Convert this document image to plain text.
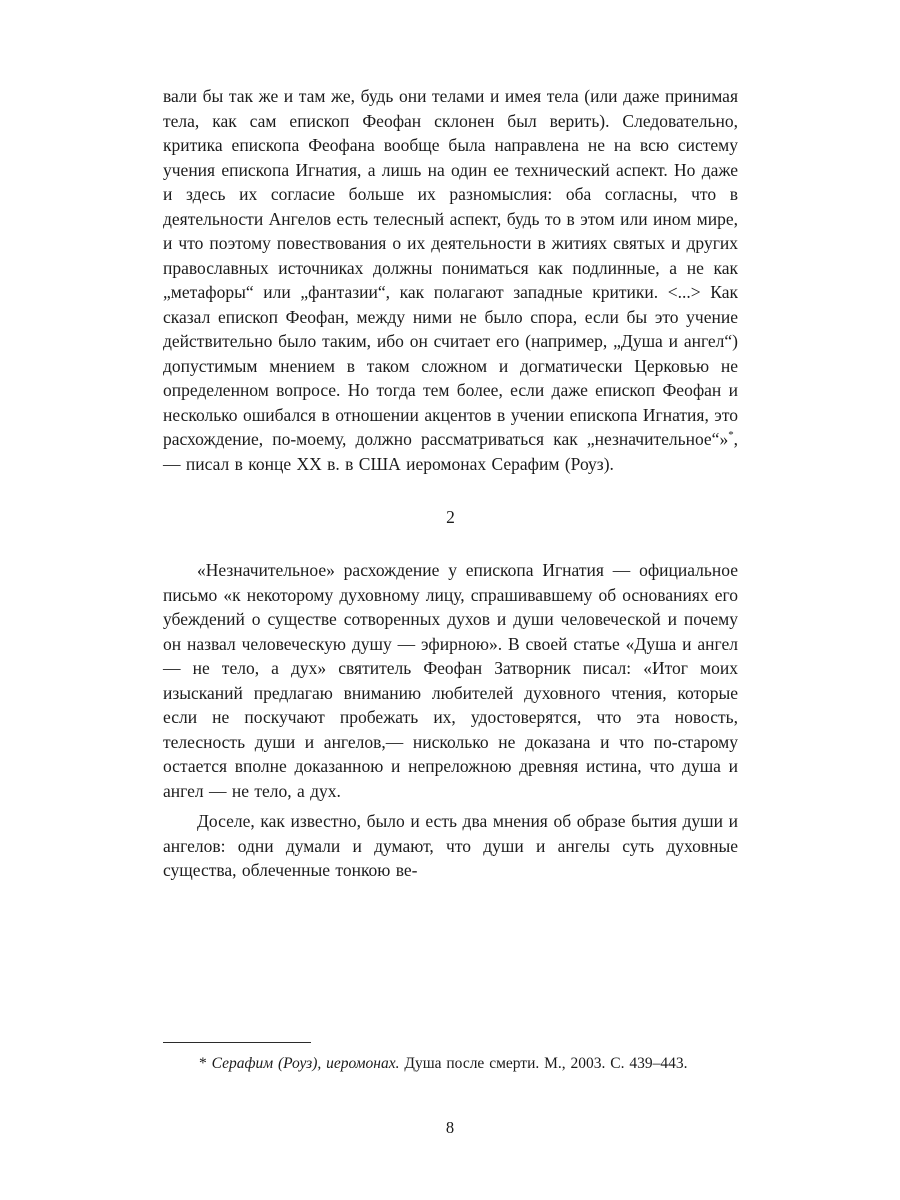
вали бы так же и там же, будь они телами и имея тела (или даже принимая тела, как сам епископ Феофан склонен был верить). Следовательно, критика епископа Феофана вообще была направлена не на всю систему учения епископа Игнатия, а лишь на один ее технический аспект. Но даже и здесь их согласие больше их разномыслия: оба согласны, что в деятельности Ангелов есть телесный аспект, будь то в этом или ином мире, и что поэтому повествования о их деятельности в житиях святых и других православных источниках должны пониматься как подлинные, а не как „метафоры“ или „фантазии“, как полагают западные критики. <...> Как сказал епископ Феофан, между ними не было спора, если бы это учение действительно было таким, ибо он считает его (например, „Душа и ангел“) допустимым мнением в таком сложном и догматически Церковью не определенном вопросе. Но тогда тем более, если даже епископ Феофан и несколько ошибался в отношении акцентов в учении епископа Игнатия, это расхождение, по-моему, должно рассматриваться как „незначительное“»*, — писал в конце XX в. в США иеромонах Серафим (Роуз).

2

«Незначительное» расхождение у епископа Игнатия — официальное письмо «к некоторому духовному лицу, спрашивавшему об основаниях его убеждений о существе сотворенных духов и души человеческой и почему он назвал человеческую душу — эфирною». В своей статье «Душа и ангел — не тело, а дух» святитель Феофан Затворник писал: «Итог моих изысканий предлагаю вниманию любителей духовного чтения, которые если не поскучают пробежать их, удостоверятся, что эта новость, телесность души и ангелов,— нисколько не доказана и что по-старому остается вполне доказанною и непреложною древняя истина, что душа и ангел — не тело, а дух.

Доселе, как известно, было и есть два мнения об образе бытия души и ангелов: одни думали и думают, что души и ангелы суть духовные существа, облеченные тонкою ве-

* Серафим (Роуз), иеромонах. Душа после смерти. М., 2003. С. 439–443.

8
